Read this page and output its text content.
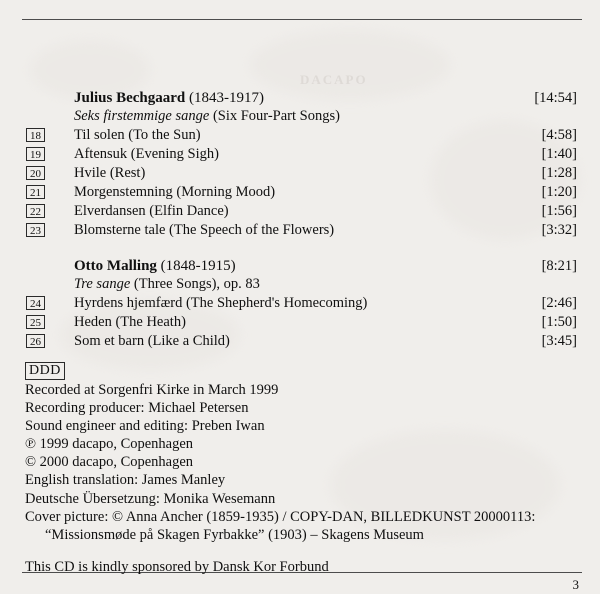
DACAPO
Julius Bechgaard (1843-1917)	[14:54]
Seks firstemmige sange (Six Four-Part Songs)
18 Til solen (To the Sun)	[4:58]
19 Aftensuk (Evening Sigh)	[1:40]
20 Hvile (Rest)	[1:28]
21 Morgenstemning (Morning Mood)	[1:20]
22 Elverdansen (Elfin Dance)	[1:56]
23 Blomsterne tale (The Speech of the Flowers)	[3:32]
Otto Malling (1848-1915)	[8:21]
Tre sange (Three Songs), op. 83
24 Hyrdens hjemfærd (The Shepherd's Homecoming)	[2:46]
25 Heden (The Heath)	[1:50]
26 Som et barn (Like a Child)	[3:45]
DDD
Recorded at Sorgenfri Kirke in March 1999
Recording producer: Michael Petersen
Sound engineer and editing: Preben Iwan
℗ 1999 dacapo, Copenhagen
© 2000 dacapo, Copenhagen
English translation: James Manley
Deutsche Übersetzung: Monika Wesemann
Cover picture: © Anna Ancher (1859-1935) / COPY-DAN, BILLEDKUNST 20000113:
“Missionsmøde på Skagen Fyrbakke” (1903) – Skagens Museum
This CD is kindly sponsored by Dansk Kor Forbund
3
